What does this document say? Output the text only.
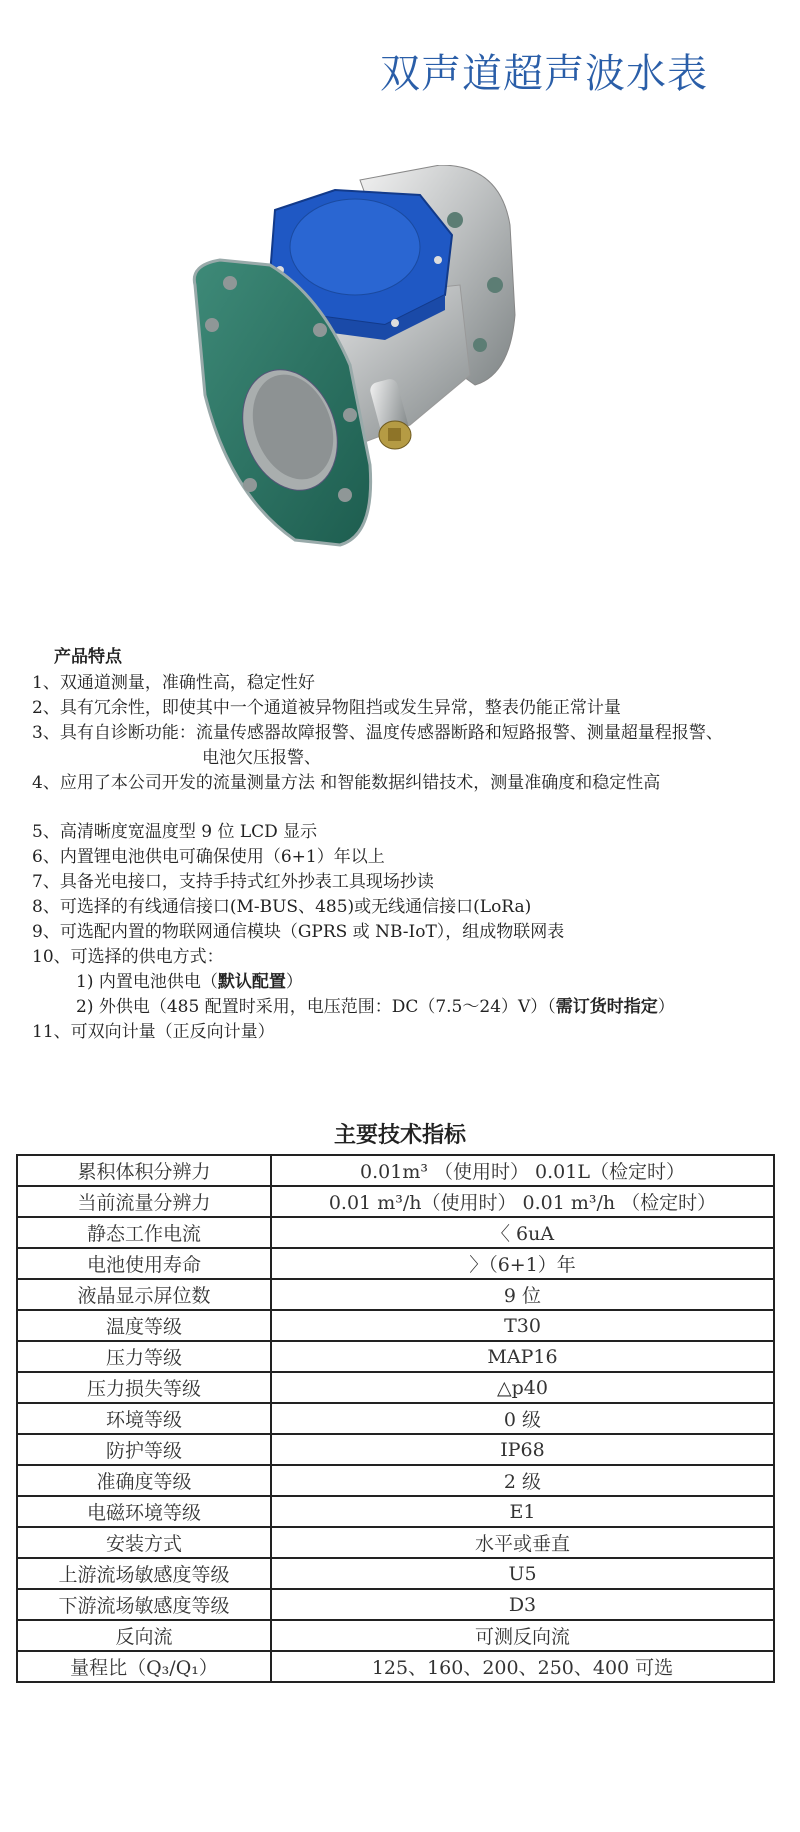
双声道超声波水表
产品特点
1、双通道测量，准确性高，稳定性好
2、具有冗余性，即使其中一个通道被异物阻挡或发生异常，整表仍能正常计量
3、具有自诊断功能：流量传感器故障报警、温度传感器断路和短路报警、测量超量程报警、
电池欠压报警、
4、应用了本公司开发的流量测量方法 和智能数据纠错技术，测量准确度和稳定性高
5、高清晰度宽温度型 9 位 LCD 显示
6、内置锂电池供电可确保使用（6+1）年以上
7、具备光电接口，支持手持式红外抄表工具现场抄读
8、可选择的有线通信接口(M-BUS、485)或无线通信接口(LoRa)
9、可选配内置的物联网通信模块（GPRS 或 NB-IoT），组成物联网表
10、可选择的供电方式：
1) 内置电池供电（默认配置）
2) 外供电（485 配置时采用，电压范围：DC（7.5～24）V）（需订货时指定）
11、可双向计量（正反向计量）
主要技术指标
累积体积分辨力	0.01m³ （使用时） 0.01L（检定时）
当前流量分辨力	0.01 m³/h（使用时） 0.01 m³/h （检定时）
静态工作电流	〈 6uA
电池使用寿命	〉（6+1）年
液晶显示屏位数	9 位
温度等级	T30
压力等级	MAP16
压力损失等级	△p40
环境等级	0 级
防护等级	IP68
准确度等级	2 级
电磁环境等级	E1
安装方式	水平或垂直
上游流场敏感度等级	U5
下游流场敏感度等级	D3
反向流	可测反向流
量程比（Q₃/Q₁）	125、160、200、250、400 可选
